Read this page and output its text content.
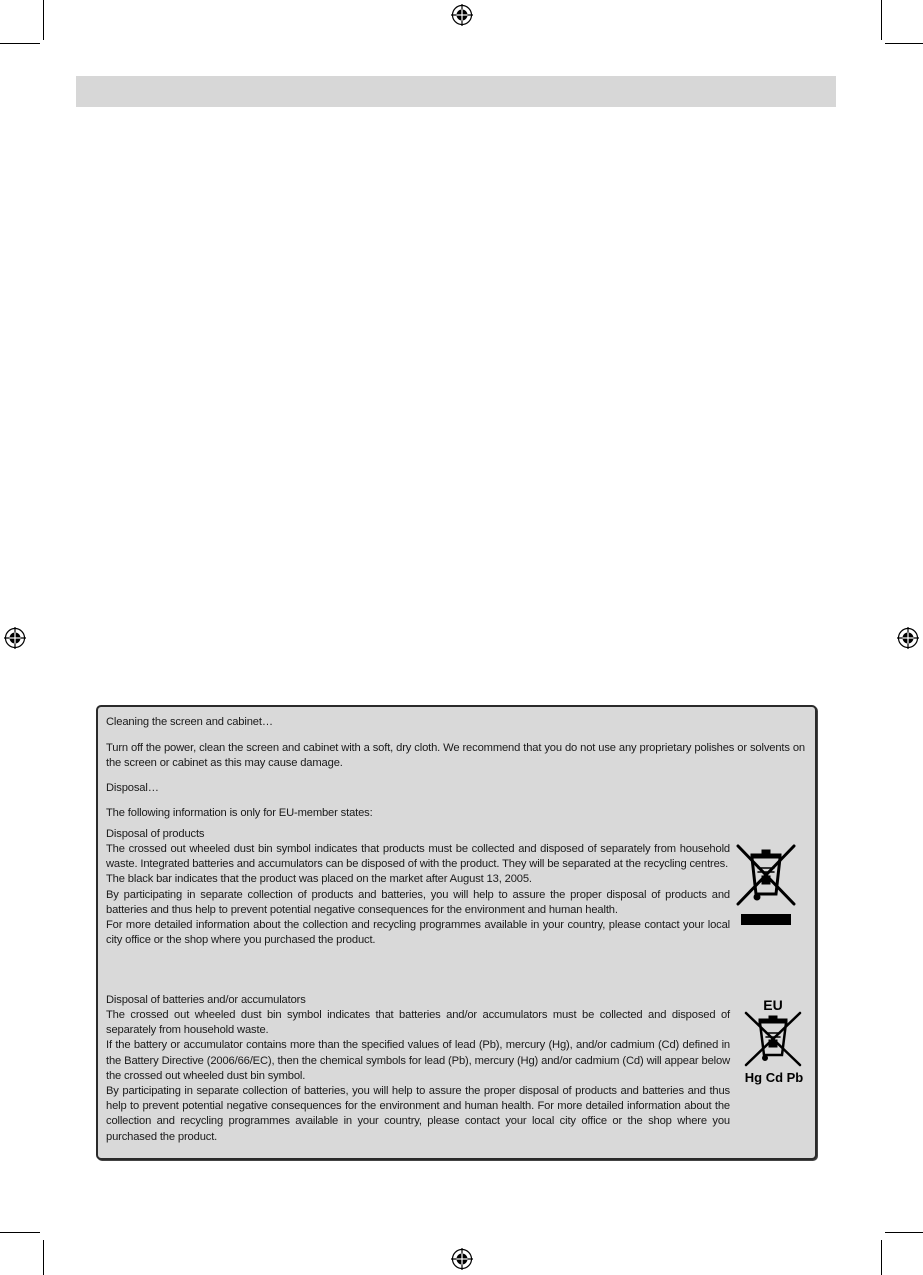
Cleaning the screen and cabinet…

Turn off the power, clean the screen and cabinet with a soft, dry cloth. We recommend that you do not use any proprietary polishes or solvents on the screen or cabinet as this may cause damage.

Disposal…

The following information is only for EU-member states:

Disposal of products

The crossed out wheeled dust bin symbol indicates that products must be collected and disposed of separately from household waste. Integrated batteries and accumulators can be disposed of with the product. They will be separated at the recycling centres.
The black bar indicates that the product was placed on the market after August 13, 2005.
By participating in separate collection of products and batteries, you will help to assure the proper disposal of products and batteries and thus help to prevent potential negative consequences for the environment and human health.
For more detailed information about the collection and recycling programmes available in your country, please contact your local city office or the shop where you purchased the product.

Disposal of batteries and/or accumulators

The crossed out wheeled dust bin symbol indicates that batteries and/or accumulators must be collected and disposed of separately from household waste.
If the battery or accumulator contains more than the specified values of lead (Pb), mercury (Hg), and/or cadmium (Cd) defined in the Battery Directive (2006/66/EC), then the chemical symbols for lead (Pb), mercury (Hg) and/or cadmium (Cd) will appear below the crossed out wheeled dust bin symbol.
By participating in separate collection of batteries, you will help to assure the proper disposal of products and batteries and thus help to prevent potential negative consequences for the environment and human health. For more detailed information about the collection and recycling programmes available in your country, please contact your local city office or the shop where you purchased the product.

EU
Hg Cd Pb
